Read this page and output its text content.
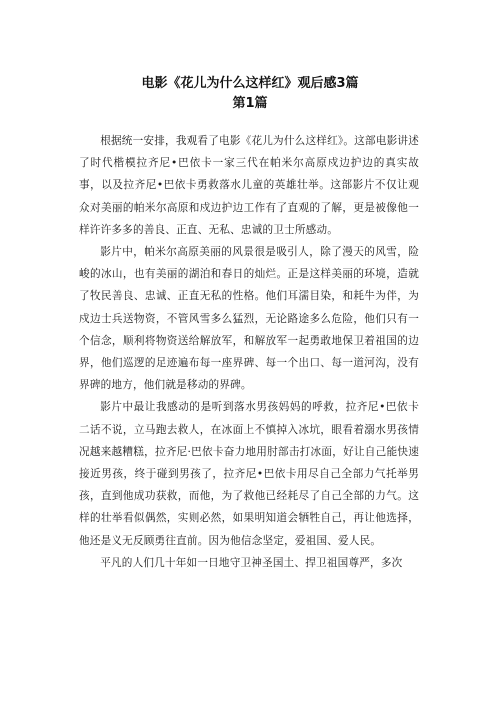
电影《花儿为什么这样红》观后感3篇
第1篇

根据统一安排，我观看了电影《花儿为什么这样红》。这部电影讲述了时代楷模拉齐尼•巴依卡一家三代在帕米尔高原戍边护边的真实故事，以及拉齐尼•巴依卡勇救落水儿童的英雄壮举。这部影片不仅让观众对美丽的帕米尔高原和戍边护边工作有了直观的了解，更是被像他一样许许多多的善良、正直、无私、忠诚的卫士所感动。

影片中，帕米尔高原美丽的风景很是吸引人，除了漫天的风雪，险峻的冰山，也有美丽的湖泊和春日的灿烂。正是这样美丽的环境，造就了牧民善良、忠诚、正直无私的性格。他们耳濡目染，和耗牛为伴，为戍边士兵送物资，不管风雪多么猛烈，无论路途多么危险，他们只有一个信念，顺利将物资送给解放军，和解放军一起勇敢地保卫着祖国的边界，他们巡逻的足迹遍布每一座界碑、每一个出口、每一道河沟，没有界碑的地方，他们就是移动的界碑。

影片中最让我感动的是听到落水男孩妈妈的呼救，拉齐尼•巴依卡二话不说，立马跑去救人，在冰面上不慎掉入冰坑，眼看着溺水男孩情况越来越糟糕，拉齐尼·巴依卡奋力地用肘部击打冰面，好让自己能快速接近男孩，终于碰到男孩了，拉齐尼•巴依卡用尽自己全部力气托举男孩，直到他成功获救，而他，为了救他已经耗尽了自己全部的力气。这样的壮举看似偶然，实则必然，如果明知道会牺牲自己，再让他选择，他还是义无反顾勇往直前。因为他信念坚定，爱祖国、爱人民。

平凡的人们几十年如一日地守卫神圣国土、捍卫祖国尊严，多次
